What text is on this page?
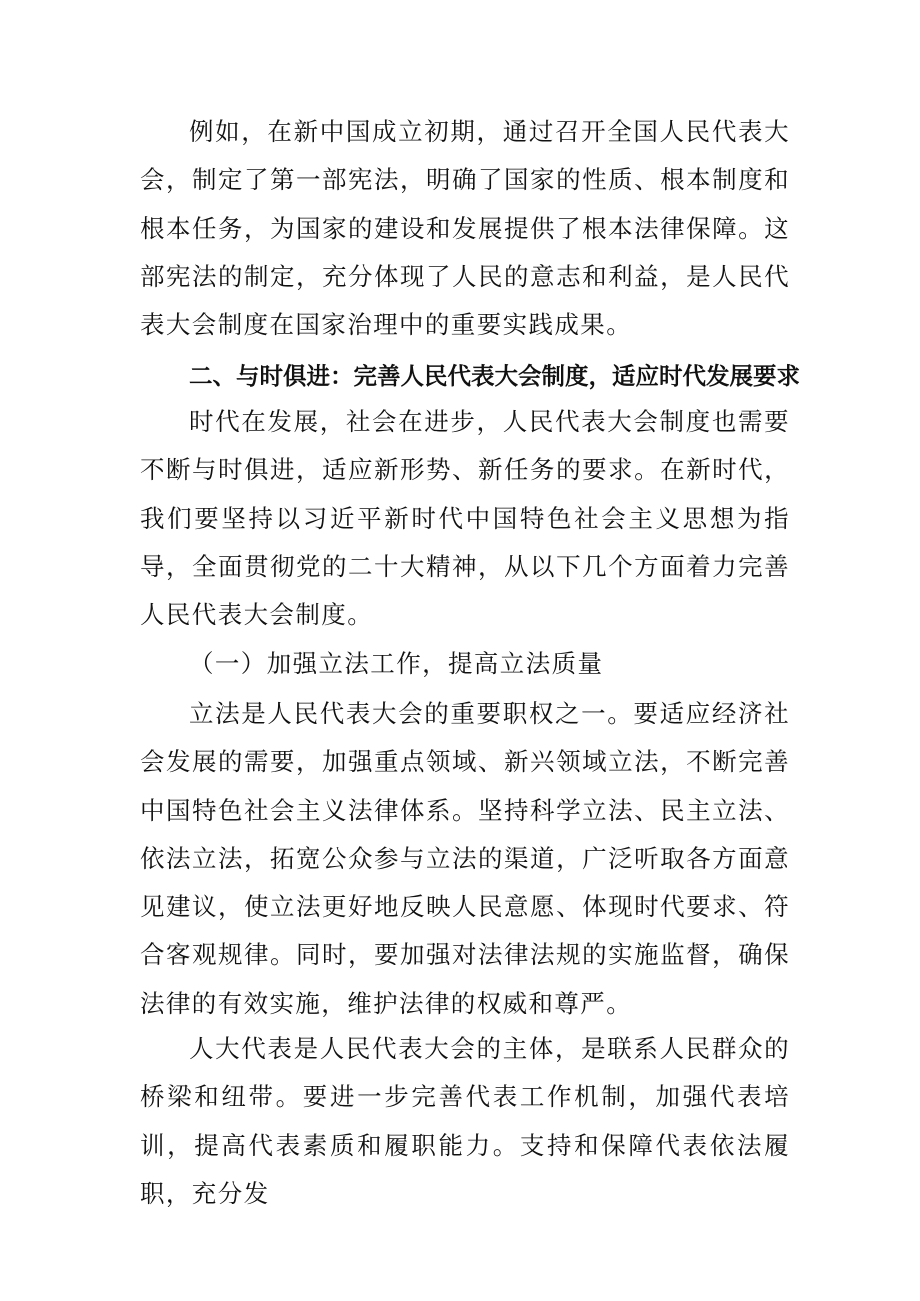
例如，在新中国成立初期，通过召开全国人民代表大会，制定了第一部宪法，明确了国家的性质、根本制度和根本任务，为国家的建设和发展提供了根本法律保障。这部宪法的制定，充分体现了人民的意志和利益，是人民代表大会制度在国家治理中的重要实践成果。

二、与时俱进：完善人民代表大会制度，适应时代发展要求

时代在发展，社会在进步，人民代表大会制度也需要不断与时俱进，适应新形势、新任务的要求。在新时代，我们要坚持以习近平新时代中国特色社会主义思想为指导，全面贯彻党的二十大精神，从以下几个方面着力完善人民代表大会制度。

（一）加强立法工作，提高立法质量

立法是人民代表大会的重要职权之一。要适应经济社会发展的需要，加强重点领域、新兴领域立法，不断完善中国特色社会主义法律体系。坚持科学立法、民主立法、依法立法，拓宽公众参与立法的渠道，广泛听取各方面意见建议，使立法更好地反映人民意愿、体现时代要求、符合客观规律。同时，要加强对法律法规的实施监督，确保法律的有效实施，维护法律的权威和尊严。

人大代表是人民代表大会的主体，是联系人民群众的桥梁和纽带。要进一步完善代表工作机制，加强代表培训，提高代表素质和履职能力。支持和保障代表依法履职，充分发
